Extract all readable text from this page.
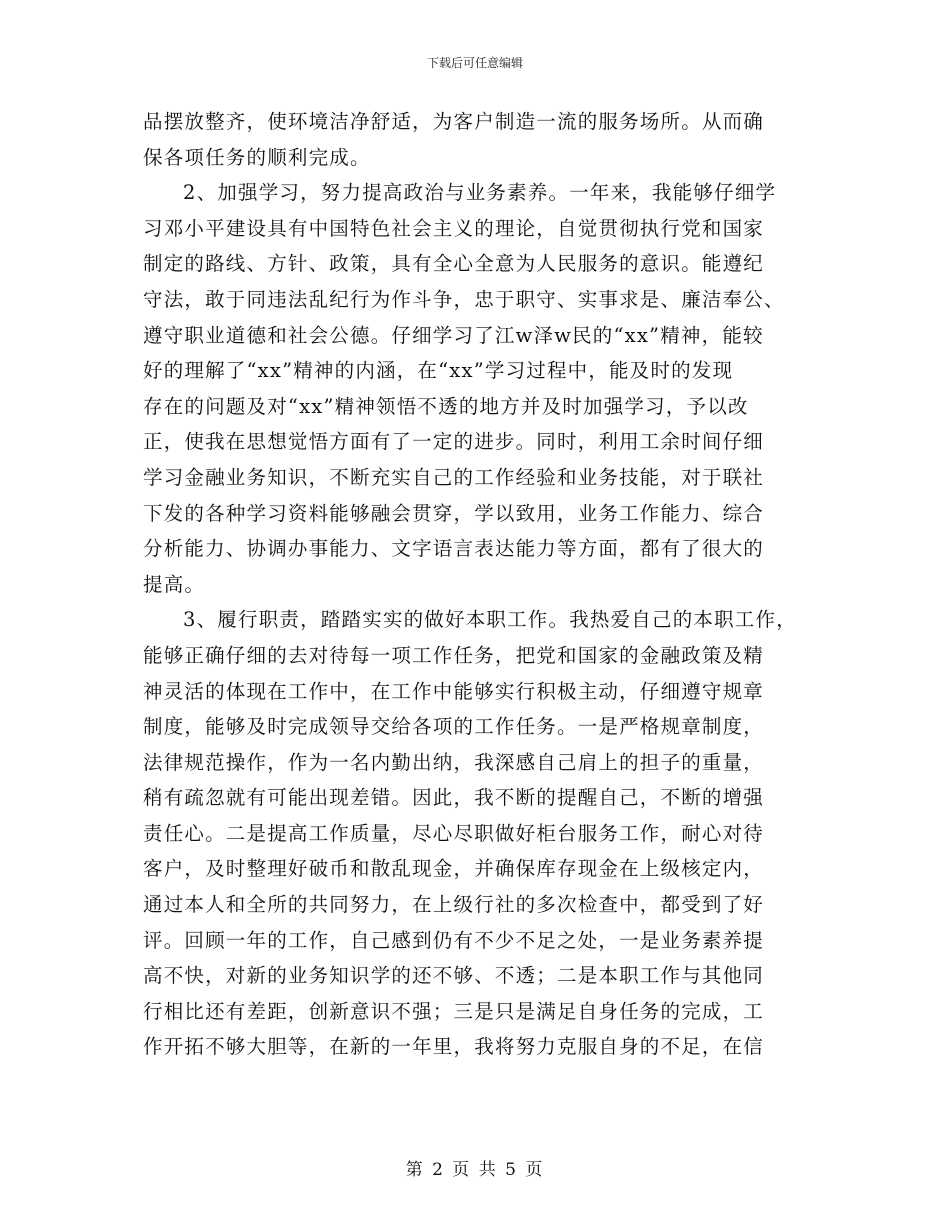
下载后可任意编辑
品摆放整齐，使环境洁净舒适，为客户制造一流的服务场所。从而确
保各项任务的顺利完成。
2、加强学习，努力提高政治与业务素养。一年来，我能够仔细学
习邓小平建设具有中国特色社会主义的理论，自觉贯彻执行党和国家
制定的路线、方针、政策，具有全心全意为人民服务的意识。能遵纪
守法，敢于同违法乱纪行为作斗争，忠于职守、实事求是、廉洁奉公、
遵守职业道德和社会公德。仔细学习了江w泽w民的“xx”精神，能较
好的理解了“xx”精神的内涵，在“xx”学习过程中，能及时的发现
存在的问题及对“xx”精神领悟不透的地方并及时加强学习，予以改
正，使我在思想觉悟方面有了一定的进步。同时，利用工余时间仔细
学习金融业务知识，不断充实自己的工作经验和业务技能，对于联社
下发的各种学习资料能够融会贯穿，学以致用，业务工作能力、综合
分析能力、协调办事能力、文字语言表达能力等方面，都有了很大的
提高。
3、履行职责，踏踏实实的做好本职工作。我热爱自己的本职工作，
能够正确仔细的去对待每一项工作任务，把党和国家的金融政策及精
神灵活的体现在工作中，在工作中能够实行积极主动，仔细遵守规章
制度，能够及时完成领导交给各项的工作任务。一是严格规章制度，
法律规范操作，作为一名内勤出纳，我深感自己肩上的担子的重量，
稍有疏忽就有可能出现差错。因此，我不断的提醒自己，不断的增强
责任心。二是提高工作质量，尽心尽职做好柜台服务工作，耐心对待
客户，及时整理好破币和散乱现金，并确保库存现金在上级核定内，
通过本人和全所的共同努力，在上级行社的多次检查中，都受到了好
评。回顾一年的工作，自己感到仍有不少不足之处，一是业务素养提
高不快，对新的业务知识学的还不够、不透；二是本职工作与其他同
行相比还有差距，创新意识不强；三是只是满足自身任务的完成，工
作开拓不够大胆等，在新的一年里，我将努力克服自身的不足，在信
第 2 页 共 5 页
